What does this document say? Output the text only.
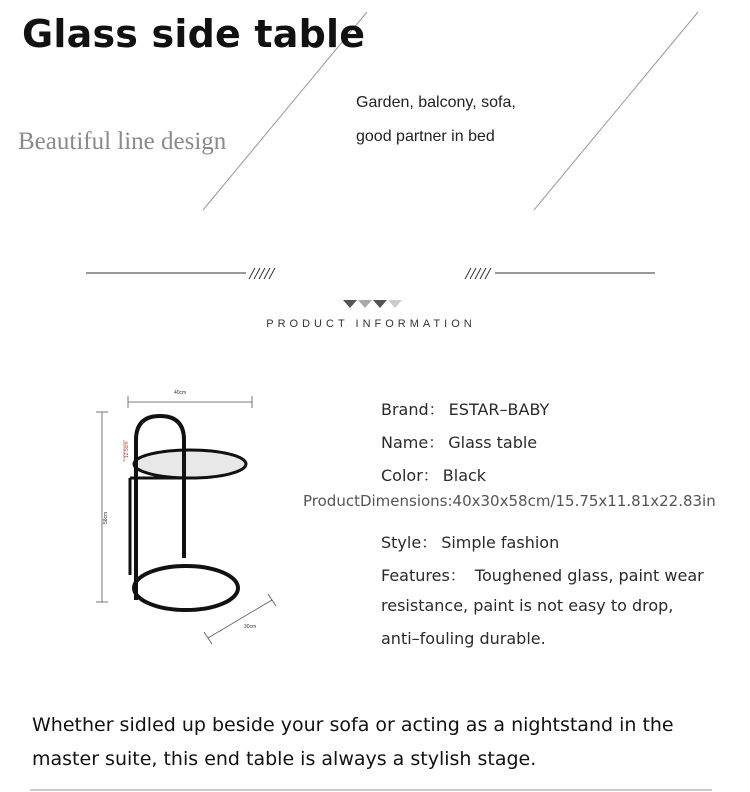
Glass side table
Beautiful line design
Garden, balcony, sofa,
good partner in bed
PRODUCT INFORMATION
40cm
58cm
12.5cm
30cm
Brand： ESTAR–BABY
Name： Glass table
Color： Black
ProductDimensions:40x30x58cm/15.75x11.81x22.83in
Style： Simple fashion
Features： Toughened glass, paint wear
resistance, paint is not easy to drop,
anti–fouling durable.
Whether sidled up beside your sofa or acting as a nightstand in the master suite, this end table is always a stylish stage.
